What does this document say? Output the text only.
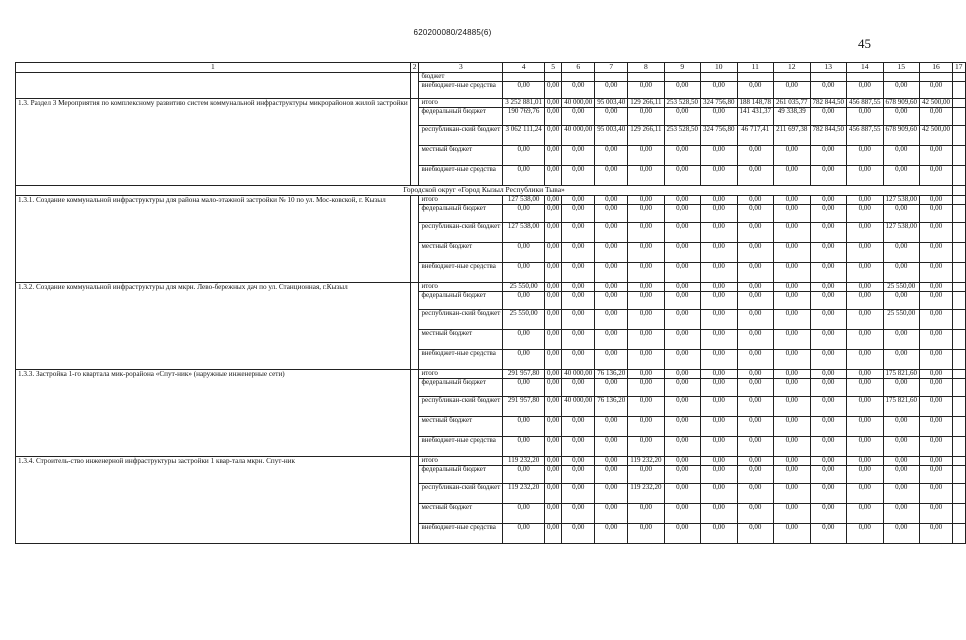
620200080/24885(6)
45
1	2	3	4	5	6	7	8	9	10	11	12	13	14	15	16	17
		бюджет														
		внебюджет-ные средства	0,00	0,00	0,00	0,00	0,00	0,00	0,00	0,00	0,00	0,00	0,00	0,00	0,00	
1.3. Раздел 3 Мероприятия по комплексному развитию систем коммунальной инфраструктуры микрорайонов жилой застройки		итого	3 252 881,01	0,00	40 000,00	95 003,40	129 266,11	253 528,50	324 756,80	188 148,78	261 035,77	782 844,50	456 887,55	678 909,60	42 500,00	
		федеральный бюджет	190 769,76	0,00	0,00	0,00	0,00	0,00	0,00	141 431,37	49 338,39	0,00	0,00	0,00	0,00	
		республикан-ский бюджет	3 062 111,24	0,00	40 000,00	95 003,40	129 266,11	253 528,50	324 756,80	46 717,41	211 697,38	782 844,50	456 887,55	678 909,60	42 500,00	
		местный бюджет	0,00	0,00	0,00	0,00	0,00	0,00	0,00	0,00	0,00	0,00	0,00	0,00	0,00	
		внебюджет-ные средства	0,00	0,00	0,00	0,00	0,00	0,00	0,00	0,00	0,00	0,00	0,00	0,00	0,00	
Городской округ «Город Кызыл Республики Тыва»																
1.3.1. Создание коммунальной инфраструктуры для района мало-этажной застройки № 10 по ул. Мос-ковской, г. Кызыл		итого	127 538,00	0,00	0,00	0,00	0,00	0,00	0,00	0,00	0,00	0,00	0,00	127 538,00	0,00	
		федеральный бюджет	0,00	0,00	0,00	0,00	0,00	0,00	0,00	0,00	0,00	0,00	0,00	0,00	0,00	
		республикан-ский бюджет	127 538,00	0,00	0,00	0,00	0,00	0,00	0,00	0,00	0,00	0,00	0,00	127 538,00	0,00	
		местный бюджет	0,00	0,00	0,00	0,00	0,00	0,00	0,00	0,00	0,00	0,00	0,00	0,00	0,00	
		внебюджет-ные средства	0,00	0,00	0,00	0,00	0,00	0,00	0,00	0,00	0,00	0,00	0,00	0,00	0,00	
1.3.2. Создание коммунальной инфраструктуры для мкрн. Лево-бережных дач по ул. Станционная, г.Кызыл		итого	25 550,00	0,00	0,00	0,00	0,00	0,00	0,00	0,00	0,00	0,00	0,00	25 550,00	0,00	
		федеральный бюджет	0,00	0,00	0,00	0,00	0,00	0,00	0,00	0,00	0,00	0,00	0,00	0,00	0,00	
		республикан-ский бюджет	25 550,00	0,00	0,00	0,00	0,00	0,00	0,00	0,00	0,00	0,00	0,00	25 550,00	0,00	
		местный бюджет	0,00	0,00	0,00	0,00	0,00	0,00	0,00	0,00	0,00	0,00	0,00	0,00	0,00	
		внебюджет-ные средства	0,00	0,00	0,00	0,00	0,00	0,00	0,00	0,00	0,00	0,00	0,00	0,00	0,00	
1.3.3. Застройка 1-го квартала мик-рорайона «Спут-ник» (наружные инженерные сети)		итого	291 957,80	0,00	40 000,00	76 136,20	0,00	0,00	0,00	0,00	0,00	0,00	0,00	175 821,60	0,00	
		федеральный бюджет	0,00	0,00	0,00	0,00	0,00	0,00	0,00	0,00	0,00	0,00	0,00	0,00	0,00	
		республикан-ский бюджет	291 957,80	0,00	40 000,00	76 136,20	0,00	0,00	0,00	0,00	0,00	0,00	0,00	175 821,60	0,00	
		местный бюджет	0,00	0,00	0,00	0,00	0,00	0,00	0,00	0,00	0,00	0,00	0,00	0,00	0,00	
		внебюджет-ные средства	0,00	0,00	0,00	0,00	0,00	0,00	0,00	0,00	0,00	0,00	0,00	0,00	0,00	
1.3.4. Строитель-ство инженерной инфраструктуры застройки 1 квар-тала мкрн. Спут-ник		итого	119 232,20	0,00	0,00	0,00	119 232,20	0,00	0,00	0,00	0,00	0,00	0,00	0,00	0,00	
		федеральный бюджет	0,00	0,00	0,00	0,00	0,00	0,00	0,00	0,00	0,00	0,00	0,00	0,00	0,00	
		республикан-ский бюджет	119 232,20	0,00	0,00	0,00	119 232,20	0,00	0,00	0,00	0,00	0,00	0,00	0,00	0,00	
		местный бюджет	0,00	0,00	0,00	0,00	0,00	0,00	0,00	0,00	0,00	0,00	0,00	0,00	0,00	
		внебюджет-ные средства	0,00	0,00	0,00	0,00	0,00	0,00	0,00	0,00	0,00	0,00	0,00	0,00	0,00	
